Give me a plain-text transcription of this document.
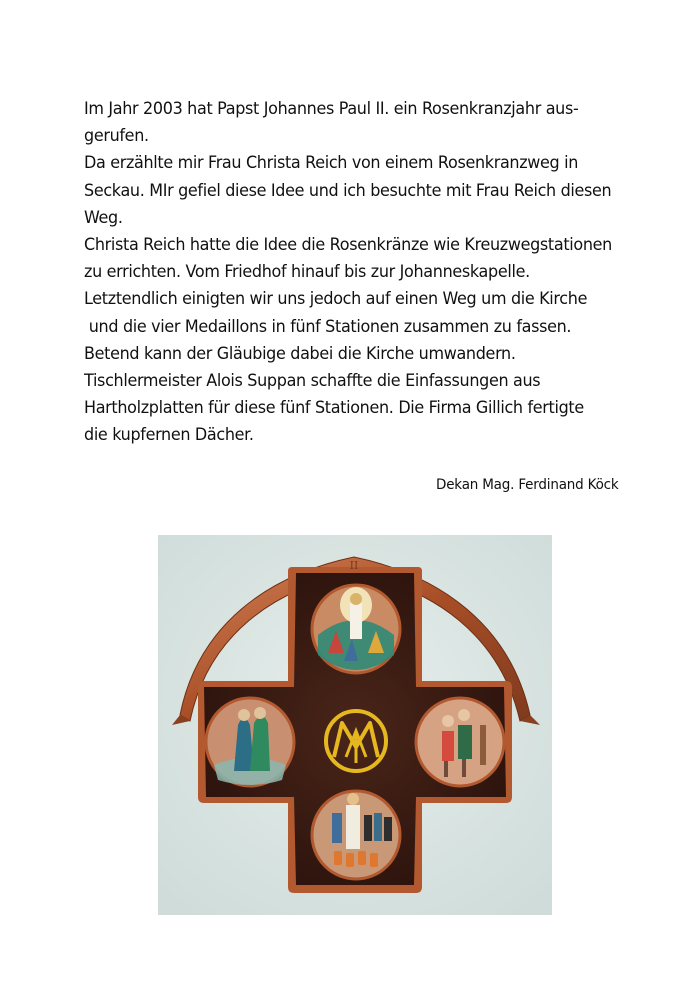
Im Jahr 2003 hat Papst Johannes Paul II. ein Rosenkranzjahr aus-
gerufen.
Da erzählte mir Frau Christa Reich von einem Rosenkranzweg in
Seckau. MIr gefiel diese Idee und ich besuchte mit Frau Reich diesen
Weg.
Christa Reich hatte die Idee die Rosenkränze wie Kreuzwegstationen
zu errichten. Vom Friedhof hinauf bis zur Johanneskapelle.
Letztendlich einigten wir uns jedoch auf einen Weg um die Kirche
und die vier Medaillons in fünf Stationen zusammen zu fassen.
Betend kann der Gläubige dabei die Kirche umwandern.
Tischlermeister Alois Suppan schaffte die Einfassungen aus
Hartholzplatten für diese fünf Stationen. Die Firma Gillich fertigte
die kupfernen Dächer.
Dekan Mag. Ferdinand Köck
II
